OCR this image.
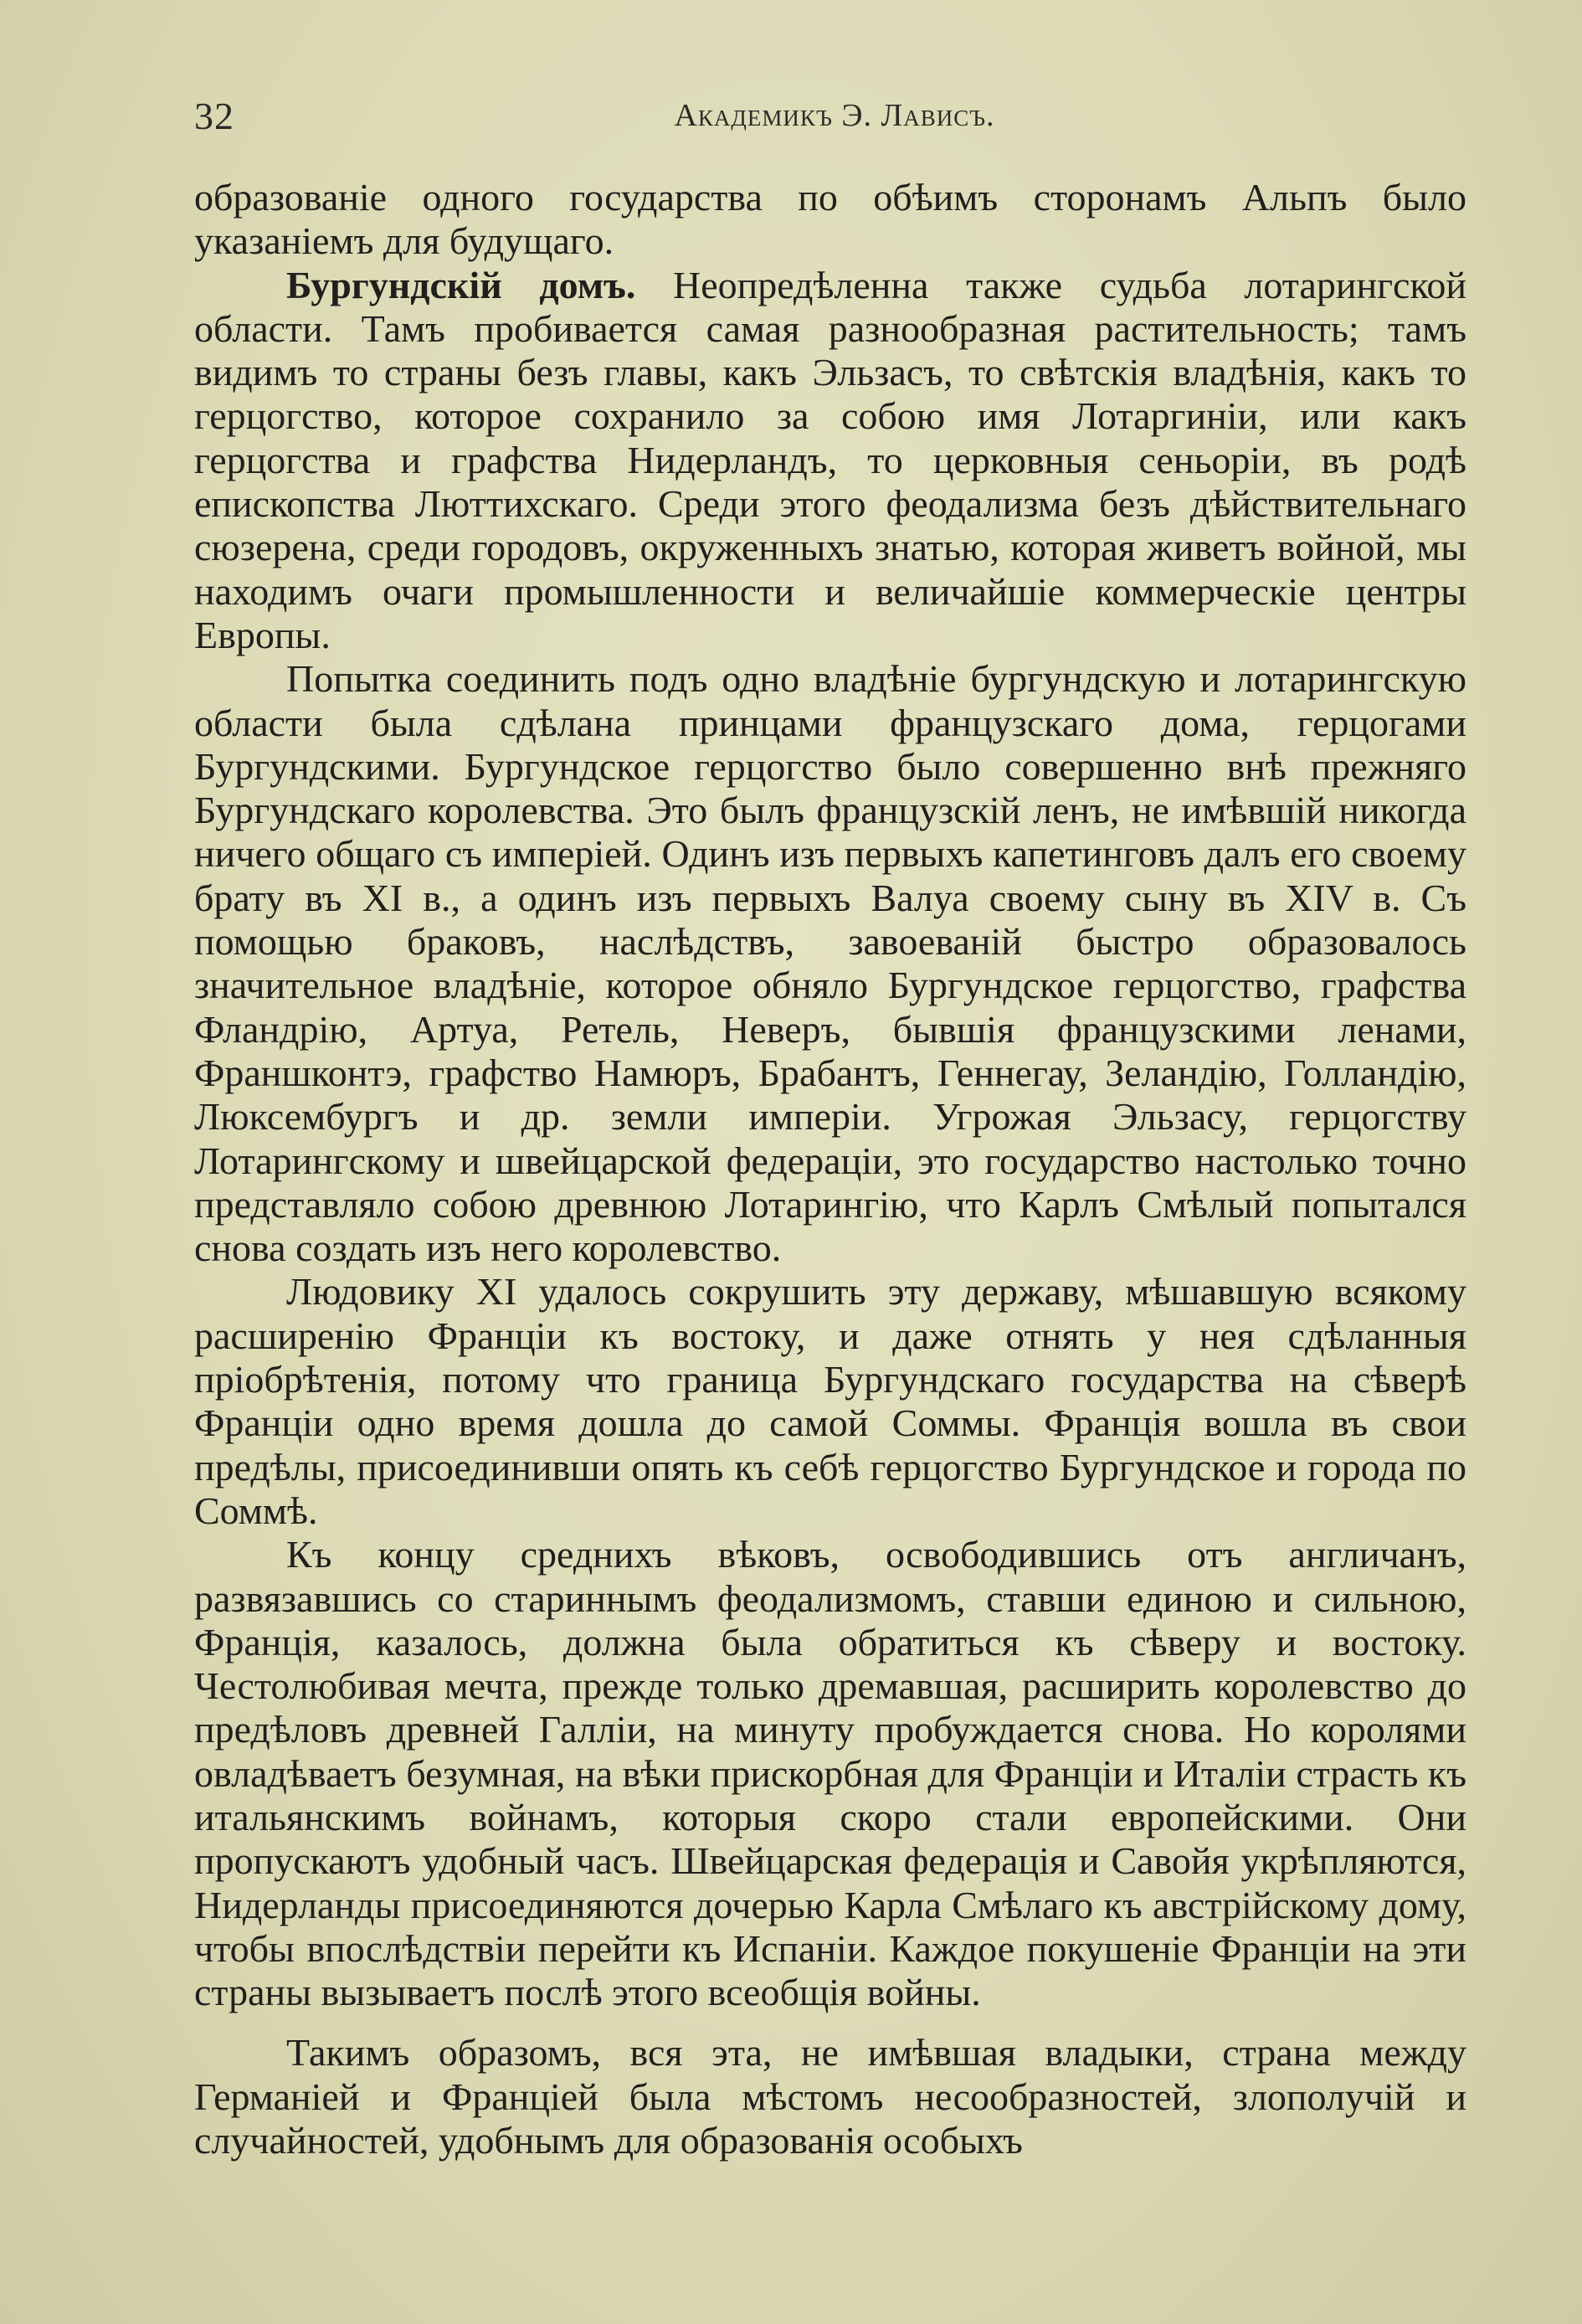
32	Академикъ Э. Лависъ.

образованіе одного государства по обѣимъ сторонамъ Альпъ было указаніемъ для будущаго.

Бургундскій домъ. Неопредѣленна также судьба лотарингской области. Тамъ пробивается самая разнообразная растительность; тамъ видимъ то страны безъ главы, какъ Эльзасъ, то свѣтскія владѣнія, какъ то герцогство, которое сохранило за собою имя Лотаргиніи, или какъ герцогства и графства Нидерландъ, то церковныя сеньоріи, въ родѣ епископства Люттихскаго. Среди этого феодализма безъ дѣйствительнаго сюзерена, среди городовъ, окруженныхъ знатью, которая живетъ войной, мы находимъ очаги промышленности и величайшіе коммерческіе центры Европы.

Попытка соединить подъ одно владѣніе бургундскую и лотарингскую области была сдѣлана принцами французскаго дома, герцогами Бургундскими. Бургундское герцогство было совершенно внѣ прежняго Бургундскаго королевства. Это былъ французскій ленъ, не имѣвшій никогда ничего общаго съ имперіей. Одинъ изъ первыхъ капетинговъ далъ его своему брату въ XI в., а одинъ изъ первыхъ Валуа своему сыну въ XIV в. Съ помощью браковъ, наслѣдствъ, завоеваній быстро образовалось значительное владѣніе, которое обняло Бургундское герцогство, графства Фландрію, Артуа, Ретель, Неверъ, бывшія французскими ленами, Франшконтэ, графство Намюръ, Брабантъ, Геннегау, Зеландію, Голландію, Люксембургъ и др. земли имперіи. Угрожая Эльзасу, герцогству Лотарингскому и швейцарской федераціи, это государство настолько точно представляло собою древнюю Лотарингію, что Карлъ Смѣлый попытался снова создать изъ него королевство.

Людовику XI удалось сокрушить эту державу, мѣшавшую всякому расширенію Франціи къ востоку, и даже отнять у нея сдѣланныя пріобрѣтенія, потому что граница Бургундскаго государства на сѣверѣ Франціи одно время дошла до самой Соммы. Франція вошла въ свои предѣлы, присоединивши опять къ себѣ герцогство Бургундское и города по Соммѣ.

Къ концу среднихъ вѣковъ, освободившись отъ англичанъ, развязавшись со стариннымъ феодализмомъ, ставши единою и сильною, Франція, казалось, должна была обратиться къ сѣверу и востоку. Честолюбивая мечта, прежде только дремавшая, расширить королевство до предѣловъ древней Галліи, на минуту пробуждается снова. Но королями овладѣваетъ безумная, на вѣки прискорбная для Франціи и Италіи страсть къ итальянскимъ войнамъ, которыя скоро стали европейскими. Они пропускаютъ удобный часъ. Швейцарская федерація и Савойя укрѣпляются, Нидерланды присоединяются дочерью Карла Смѣлаго къ австрійскому дому, чтобы впослѣдствіи перейти къ Испаніи. Каждое покушеніе Франціи на эти страны вызываетъ послѣ этого всеобщія войны.

Такимъ образомъ, вся эта, не имѣвшая владыки, страна между Германіей и Франціей была мѣстомъ несообразностей, злополучій и случайностей, удобнымъ для образованія особыхъ
